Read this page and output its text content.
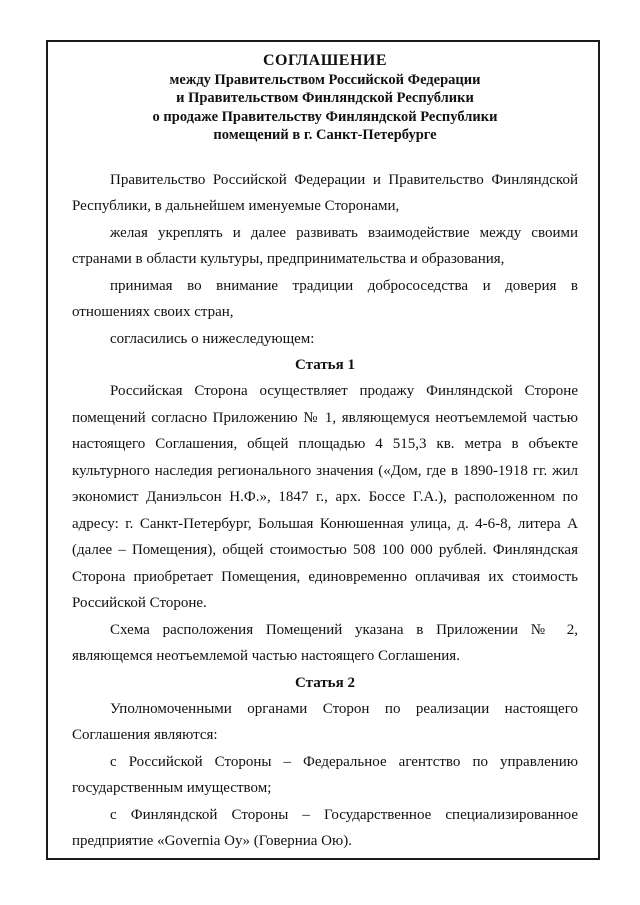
СОГЛАШЕНИЕ
между Правительством Российской Федерации
и Правительством Финляндской Республики
о продаже Правительству Финляндской Республики
помещений в г. Санкт-Петербурге

Правительство Российской Федерации и Правительство Финляндской Республики, в дальнейшем именуемые Сторонами,

желая укреплять и далее развивать взаимодействие между своими странами в области культуры, предпринимательства и образования,

принимая во внимание традиции добрососедства и доверия в отношениях своих стран,

согласились о нижеследующем:

Статья 1

Российская Сторона осуществляет продажу Финляндской Стороне помещений согласно Приложению № 1, являющемуся неотъемлемой частью настоящего Соглашения, общей площадью 4 515,3 кв. метра в объекте культурного наследия регионального значения («Дом, где в 1890-1918 гг. жил экономист Даниэльсон Н.Ф.», 1847 г., арх. Боссе Г.А.), расположенном по адресу: г. Санкт-Петербург, Большая Конюшенная улица, д. 4-6-8, литера А (далее – Помещения), общей стоимостью 508 100 000 рублей. Финляндская Сторона приобретает Помещения, единовременно оплачивая их стоимость Российской Стороне.

Схема расположения Помещений указана в Приложении № 2, являющемся неотъемлемой частью настоящего Соглашения.

Статья 2

Уполномоченными органами Сторон по реализации настоящего Соглашения являются:

с Российской Стороны – Федеральное агентство по управлению государственным имуществом;

с Финляндской Стороны – Государственное специализированное предприятие «Governia Oy» (Говерниа Ою).
